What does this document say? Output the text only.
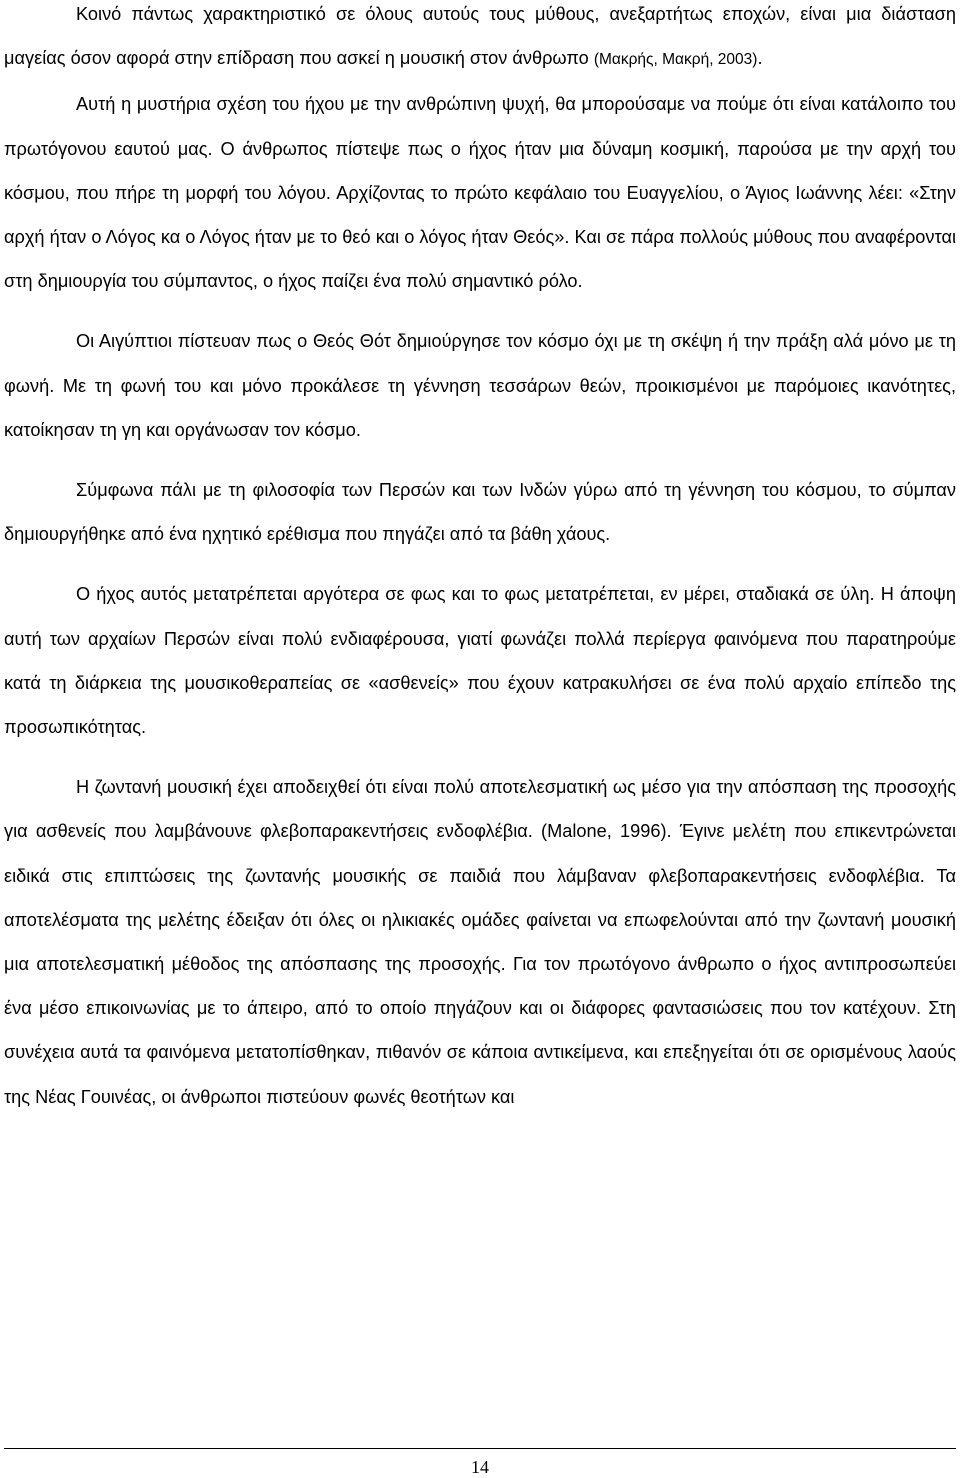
Κοινό πάντως χαρακτηριστικό σε όλους αυτούς τους μύθους, ανεξαρτήτως εποχών, είναι μια διάσταση μαγείας όσον αφορά στην επίδραση που ασκεί η μουσική στον άνθρωπο (Μακρής, Μακρή, 2003).

Αυτή η μυστήρια σχέση του ήχου με την ανθρώπινη ψυχή, θα μπορούσαμε να πούμε ότι είναι κατάλοιπο του πρωτόγονου εαυτού μας. Ο άνθρωπος πίστεψε πως ο ήχος ήταν μια δύναμη κοσμική, παρούσα με την αρχή του κόσμου, που πήρε τη μορφή του λόγου. Αρχίζοντας το πρώτο κεφάλαιο του Ευαγγελίου, ο Άγιος Ιωάννης λέει: «Στην αρχή ήταν ο Λόγος κα ο Λόγος ήταν με το θεό και ο λόγος ήταν Θεός». Και σε πάρα πολλούς μύθους που αναφέρονται στη δημιουργία του σύμπαντος, ο ήχος παίζει ένα πολύ σημαντικό ρόλο.

Οι Αιγύπτιοι πίστευαν πως ο Θεός Θότ δημιούργησε τον κόσμο όχι με τη σκέψη ή την πράξη αλά μόνο με τη φωνή. Με τη φωνή του και μόνο προκάλεσε τη γέννηση τεσσάρων θεών, προικισμένοι με παρόμοιες ικανότητες, κατοίκησαν τη γη και οργάνωσαν τον κόσμο.

Σύμφωνα πάλι με τη φιλοσοφία των Περσών και των Ινδών γύρω από τη γέννηση του κόσμου, το σύμπαν δημιουργήθηκε από ένα ηχητικό ερέθισμα που πηγάζει από τα βάθη χάους.

Ο ήχος αυτός μετατρέπεται αργότερα σε φως και το φως μετατρέπεται, εν μέρει, σταδιακά σε ύλη. Η άποψη αυτή των αρχαίων Περσών είναι πολύ ενδιαφέρουσα, γιατί φωνάζει πολλά περίεργα φαινόμενα που παρατηρούμε κατά τη διάρκεια της μουσικοθεραπείας σε «ασθενείς» που έχουν κατρακυλήσει σε ένα πολύ αρχαίο επίπεδο της προσωπικότητας.

Η ζωντανή μουσική έχει αποδειχθεί ότι είναι πολύ αποτελεσματική ως μέσο για την απόσπαση της προσοχής για ασθενείς που λαμβάνουνε φλεβοπαρακεντήσεις ενδοφλέβια. (Malone, 1996). Έγινε μελέτη που επικεντρώνεται ειδικά στις επιπτώσεις της ζωντανής μουσικής σε παιδιά που λάμβαναν φλεβοπαρακεντήσεις ενδοφλέβια. Τα αποτελέσματα της μελέτης έδειξαν ότι όλες οι ηλικιακές ομάδες φαίνεται να επωφελούνται από την ζωντανή μουσική μια αποτελεσματική μέθοδος της απόσπασης της προσοχής. Για τον πρωτόγονο άνθρωπο ο ήχος αντιπροσωπεύει ένα μέσο επικοινωνίας με το άπειρο, από το οποίο πηγάζουν και οι διάφορες φαντασιώσεις που τον κατέχουν. Στη συνέχεια αυτά τα φαινόμενα μετατοπίσθηκαν, πιθανόν σε κάποια αντικείμενα, και επεξηγείται ότι σε ορισμένους λαούς της Νέας Γουινέας, οι άνθρωποι πιστεύουν φωνές θεοτήτων και

14
